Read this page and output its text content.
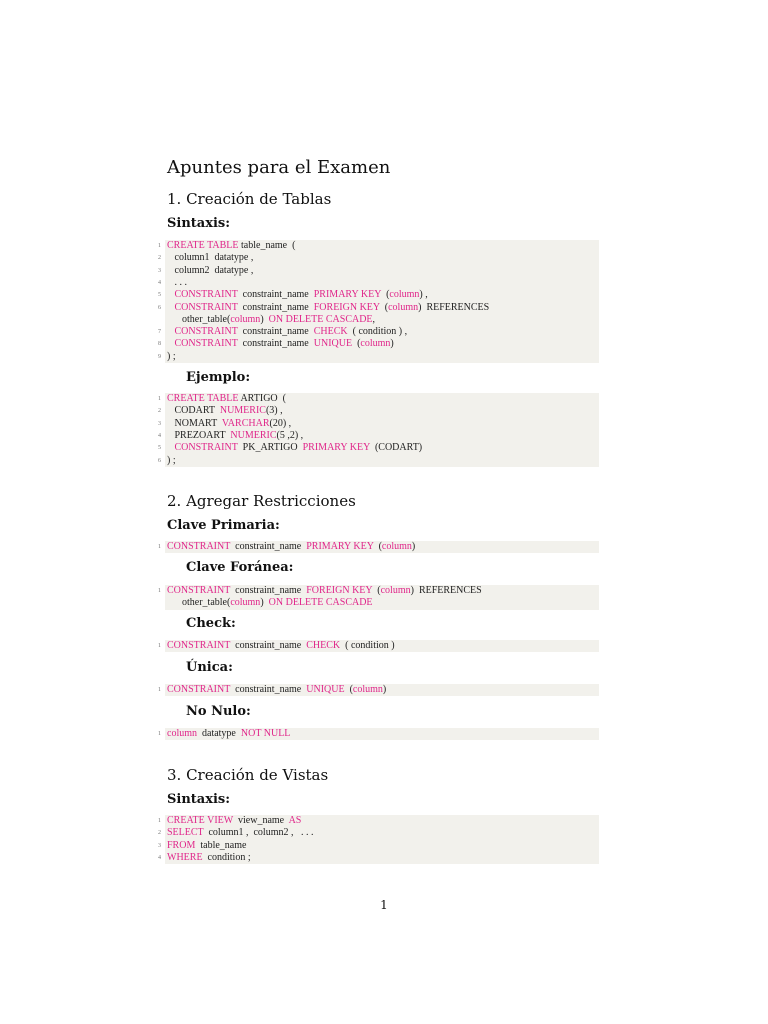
Apuntes para el Examen
1. Creación de Tablas
Sintaxis:
1 CREATE TABLE table_name  (
2 column1  datatype ,
3 column2  datatype ,
4 . . .
5	CONSTRAINT  constraint_name  PRIMARY KEY  (column) ,
6	CONSTRAINT  constraint_name  FOREIGN KEY  (column)  REFERENCES
other_table(column)  ON DELETE CASCADE,
7	CONSTRAINT  constraint_name  CHECK  ( condition ) ,
8	CONSTRAINT  constraint_name  UNIQUE  (column)
9 ) ;
Ejemplo:
1 CREATE TABLE ARTIGO  (
2 CODART  NUMERIC(3) ,
3 NOMART  VARCHAR(20) ,
4 PREZOART  NUMERIC(5 ,2) ,
5	CONSTRAINT  PK_ARTIGO  PRIMARY KEY  (CODART)
6 ) ;
2. Agregar Restricciones
Clave Primaria:
1 CONSTRAINT  constraint_name  PRIMARY KEY  (column)
Clave Foránea:
1 CONSTRAINT  constraint_name  FOREIGN KEY  (column)  REFERENCES
other_table(column)  ON DELETE CASCADE
Check:
1 CONSTRAINT  constraint_name  CHECK  ( condition )
Única:
1 CONSTRAINT  constraint_name  UNIQUE  (column)
No Nulo:
1 column  datatype  NOT NULL
3. Creación de Vistas
Sintaxis:
1 CREATE VIEW  view_name  AS
2 SELECT  column1 ,  column2 ,   . . .
3 FROM  table_name
4 WHERE  condition ;
1
